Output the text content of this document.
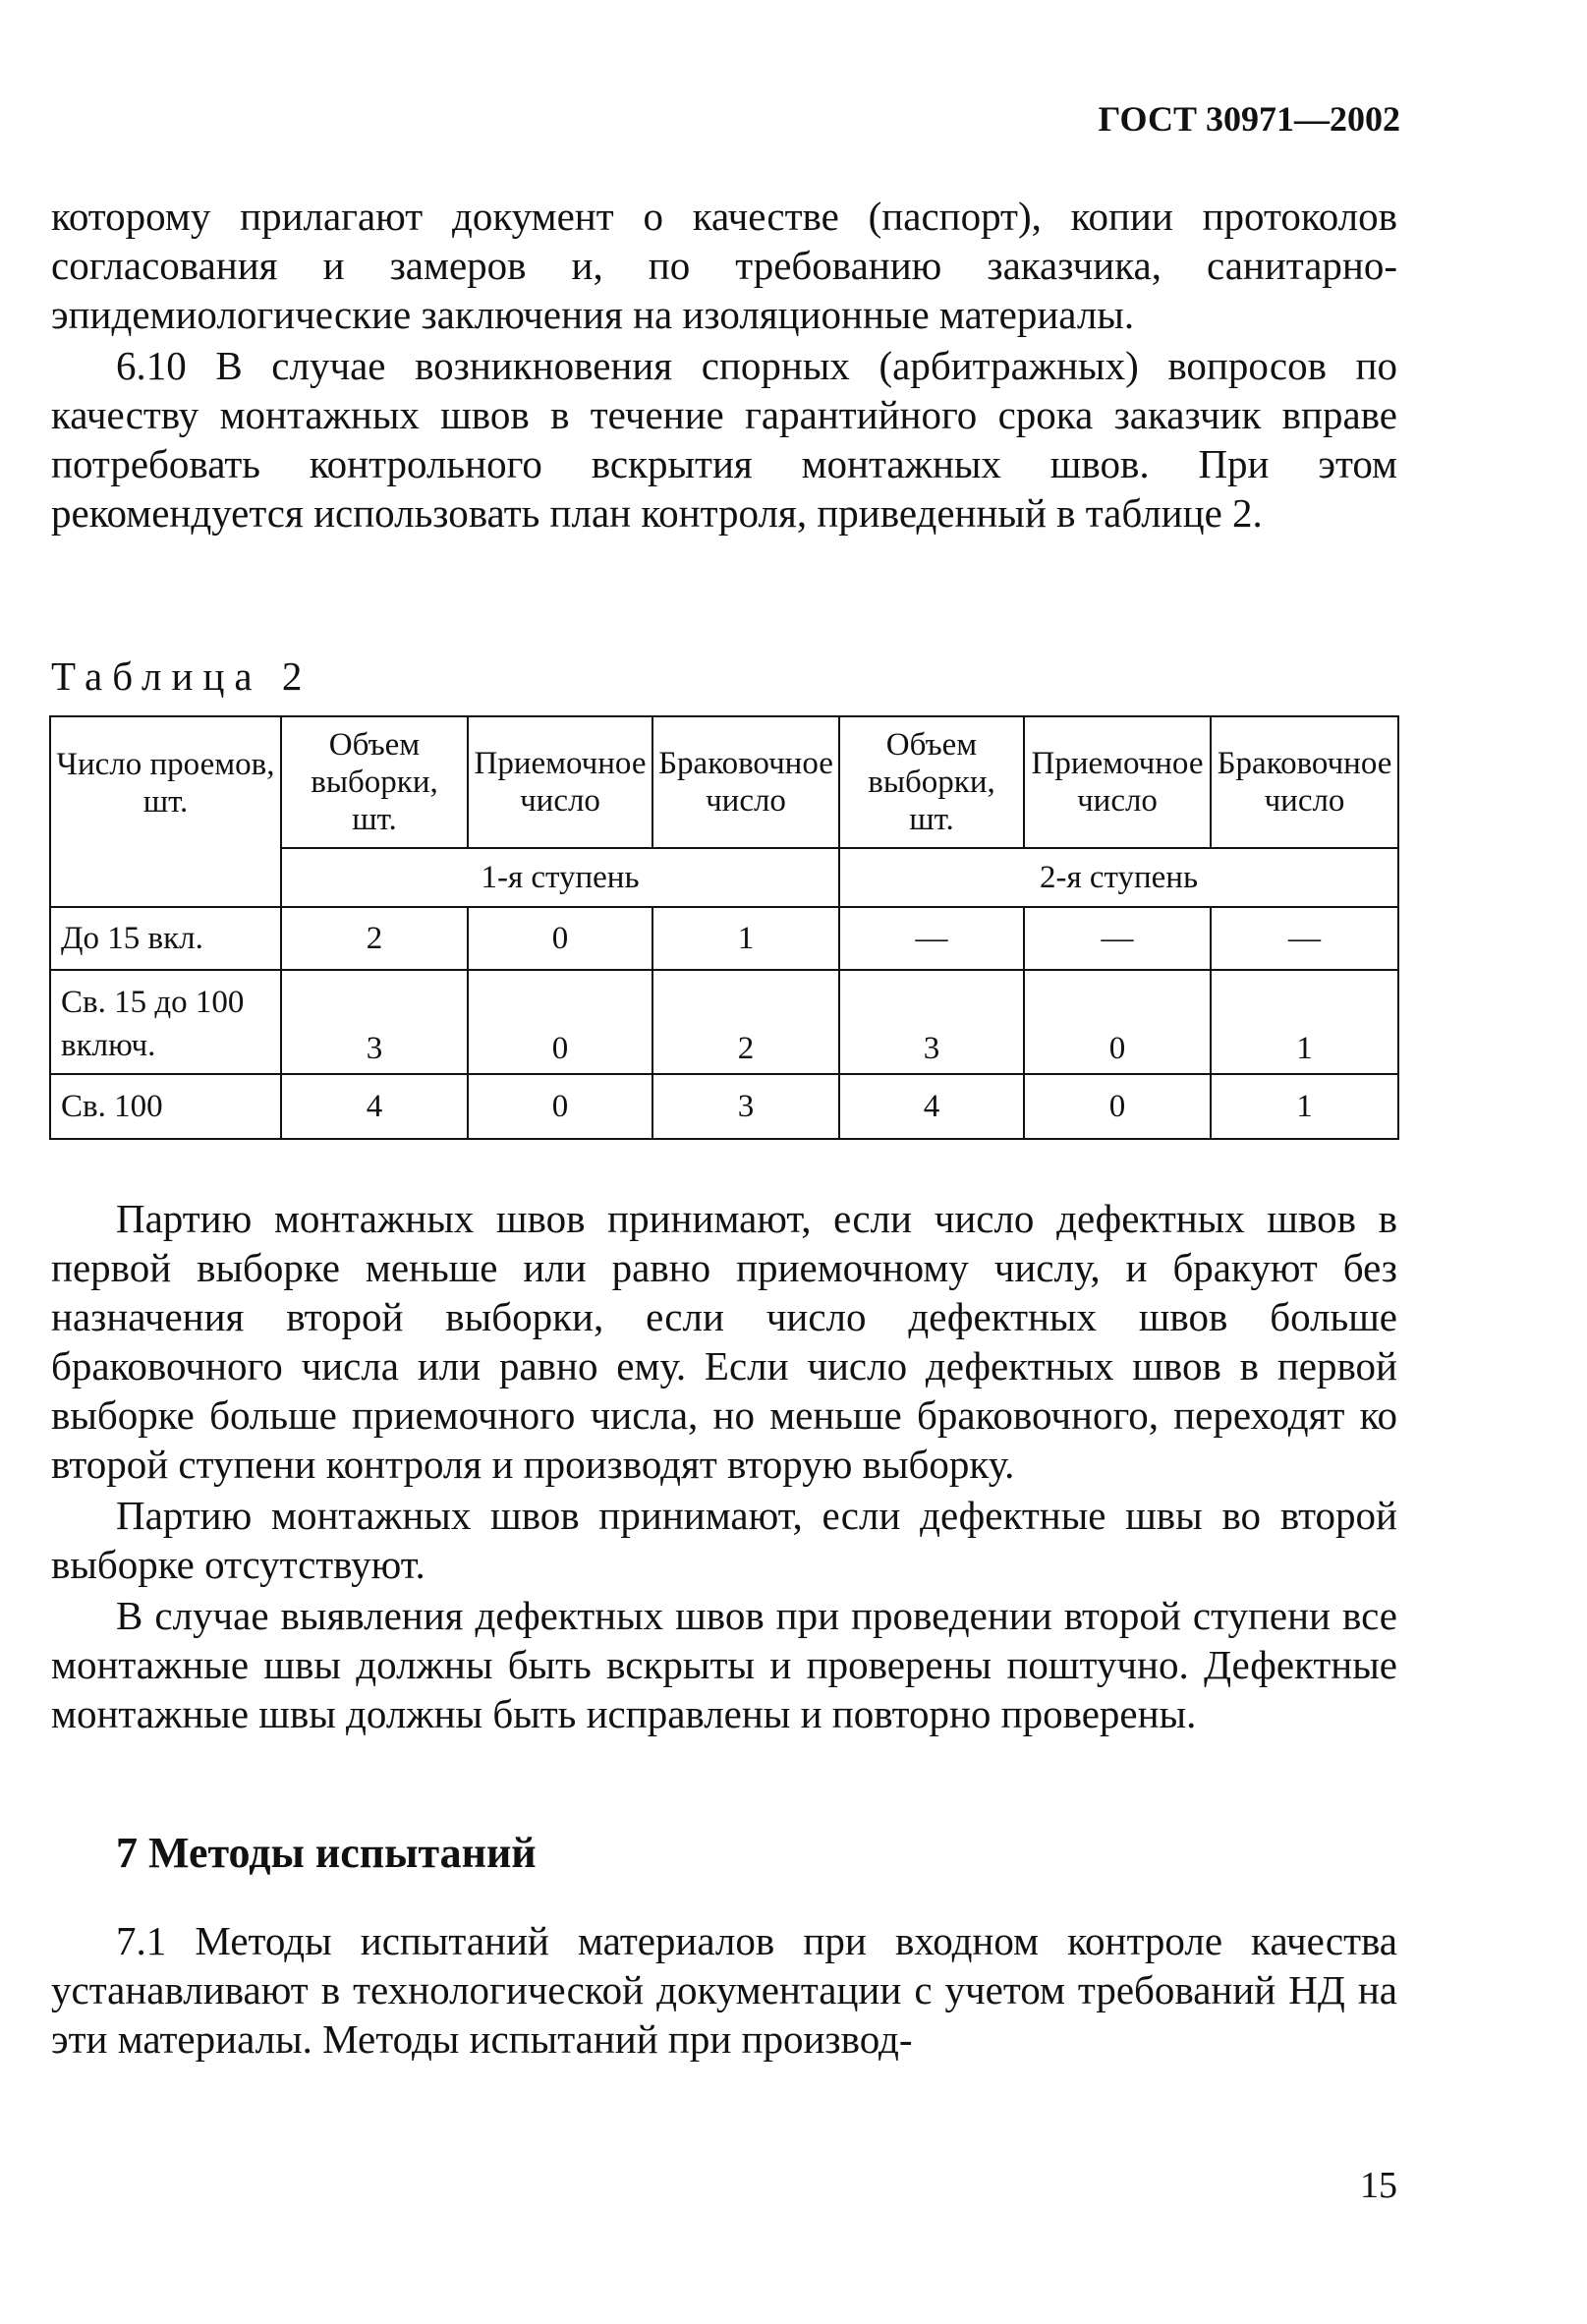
ГОСТ 30971—2002

которому прилагают документ о качестве (паспорт), копии протоколов согласования и замеров и, по требованию заказчика, санитарно-эпидемиологические заключения на изоляционные материалы.

6.10 В случае возникновения спорных (арбитражных) вопросов по качеству монтажных швов в течение гарантийного срока заказчик вправе потребовать контрольного вскрытия монтажных швов. При этом рекомендуется использовать план контроля, приведенный в таблице 2.

Таблица 2
Число проемов, шт.	Объем выборки, шт.	Приемочное число	Браковочное число	Объем выборки, шт.	Приемочное число	Браковочное число
	1-я ступень			2-я ступень		
До 15 вкл.	2	0	1	—	—	—
Св. 15 до 100 включ.	3	0	2	3	0	1
Св. 100	4	0	3	4	0	1

Партию монтажных швов принимают, если число дефектных швов в первой выборке меньше или равно приемочному числу, и бракуют без назначения второй выборки, если число дефектных швов больше браковочного числа или равно ему. Если число дефектных швов в первой выборке больше приемочного числа, но меньше браковочного, переходят ко второй ступени контроля и производят вторую выборку.

Партию монтажных швов принимают, если дефектные швы во второй выборке отсутствуют.

В случае выявления дефектных швов при проведении второй ступени все монтажные швы должны быть вскрыты и проверены поштучно. Дефектные монтажные швы должны быть исправлены и повторно проверены.

7 Методы испытаний

7.1 Методы испытаний материалов при входном контроле качества устанавливают в технологической документации с учетом требований НД на эти материалы. Методы испытаний при производ-

15
